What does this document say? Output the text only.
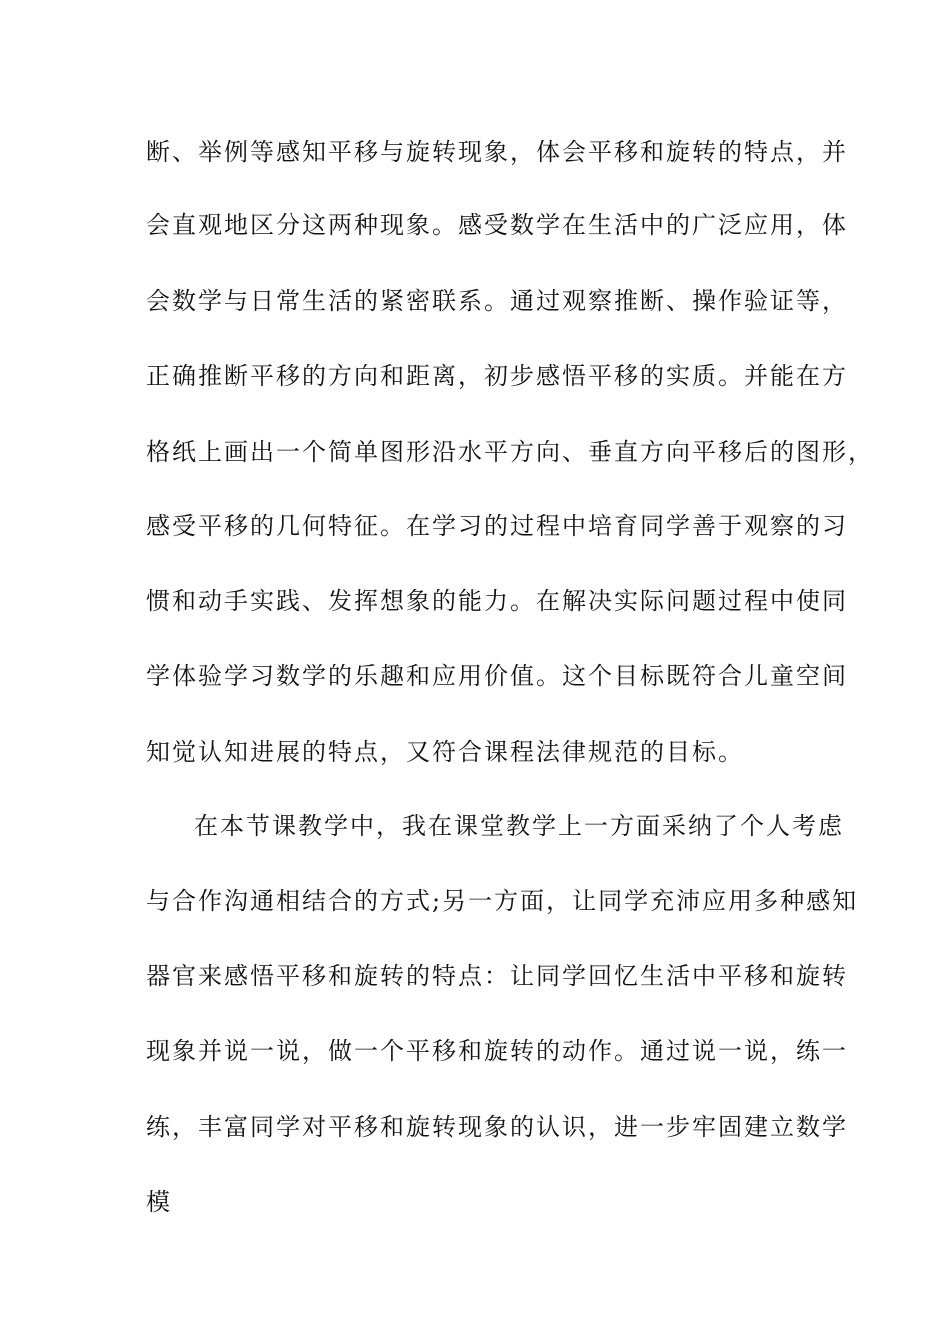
断、举例等感知平移与旋转现象，体会平移和旋转的特点，并
会直观地区分这两种现象。感受数学在生活中的广泛应用，体
会数学与日常生活的紧密联系。通过观察推断、操作验证等，
正确推断平移的方向和距离，初步感悟平移的实质。并能在方
格纸上画出一个简单图形沿水平方向、垂直方向平移后的图形，
感受平移的几何特征。在学习的过程中培育同学善于观察的习
惯和动手实践、发挥想象的能力。在解决实际问题过程中使同
学体验学习数学的乐趣和应用价值。这个目标既符合儿童空间
知觉认知进展的特点，又符合课程法律规范的目标。
在本节课教学中，我在课堂教学上一方面采纳了个人考虑
与合作沟通相结合的方式;另一方面，让同学充沛应用多种感知
器官来感悟平移和旋转的特点：让同学回忆生活中平移和旋转
现象并说一说，做一个平移和旋转的动作。通过说一说，练一
练，丰富同学对平移和旋转现象的认识，进一步牢固建立数学
模
